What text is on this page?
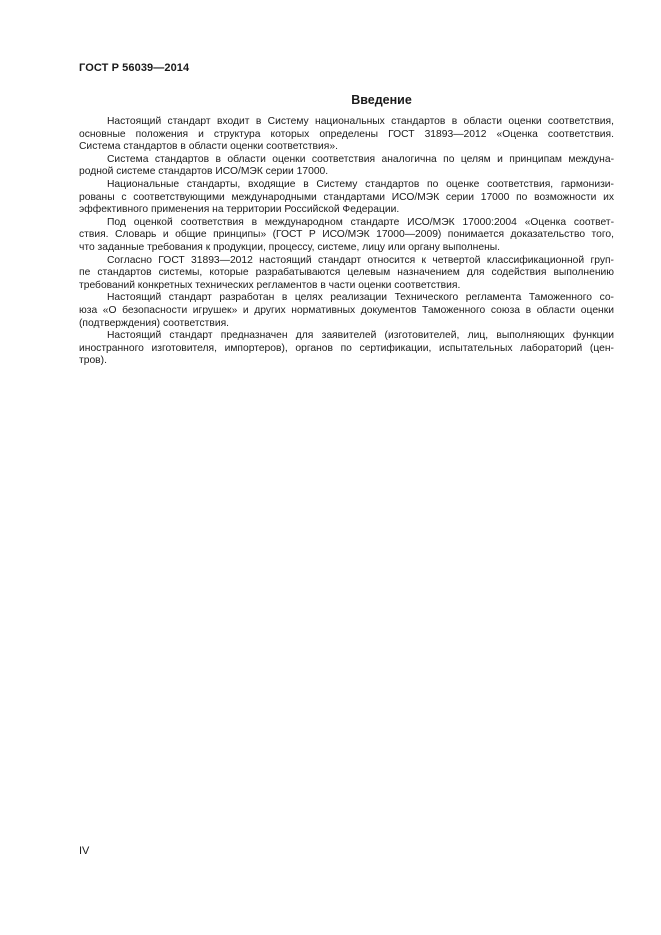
ГОСТ Р 56039—2014
Введение
Настоящий стандарт входит в Систему национальных стандартов в области оценки соответствия,
основные положения и структура которых определены ГОСТ 31893—2012 «Оценка соответствия.
Система стандартов в области оценки соответствия».
Система стандартов в области оценки соответствия аналогична по целям и принципам междуна-
родной системе стандартов ИСО/МЭК серии 17000.
Национальные стандарты, входящие в Систему стандартов по оценке соответствия, гармонизи-
рованы с соответствующими международными стандартами ИСО/МЭК серии 17000 по возможности их
эффективного применения на территории Российской Федерации.
Под оценкой соответствия в международном стандарте ИСО/МЭК 17000:2004 «Оценка соответ-
ствия. Словарь и общие принципы» (ГОСТ Р ИСО/МЭК 17000—2009) понимается доказательство того,
что заданные требования к продукции, процессу, системе, лицу или органу выполнены.
Согласно ГОСТ 31893—2012 настоящий стандарт относится к четвертой классификационной груп-
пе стандартов системы, которые разрабатываются целевым назначением для содействия выполнению
требований конкретных технических регламентов в части оценки соответствия.
Настоящий стандарт разработан в целях реализации Технического регламента Таможенного со-
юза «О безопасности игрушек» и других нормативных документов Таможенного союза в области оценки
(подтверждения) соответствия.
Настоящий стандарт предназначен для заявителей (изготовителей, лиц, выполняющих функции
иностранного изготовителя, импортеров), органов по сертификации, испытательных лабораторий (цен-
тров).
IV
